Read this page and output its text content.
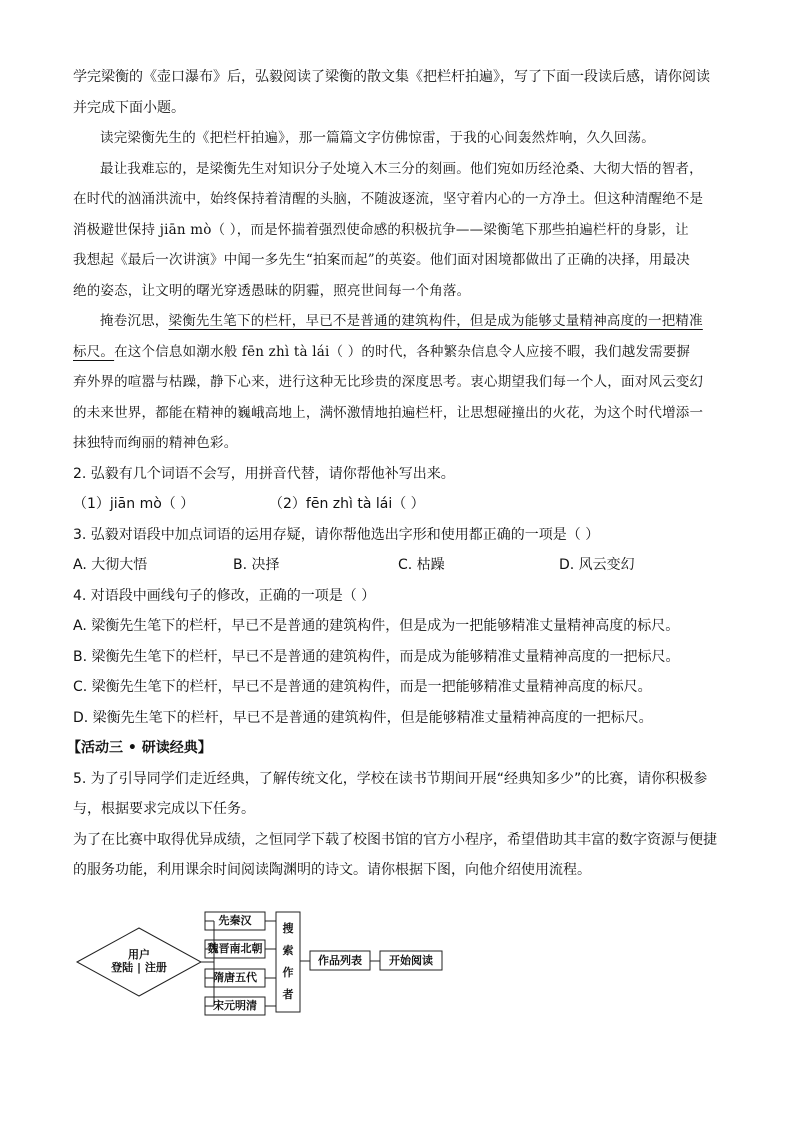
学完梁衡的《壶口瀑布》后，弘毅阅读了梁衡的散文集《把栏杆拍遍》，写了下面一段读后感，请你阅读

并完成下面小题。

读完梁衡先生的《把栏杆拍遍》，那一篇篇文字仿佛惊雷，于我的心间轰然炸响，久久回荡。

最让我难忘的，是梁衡先生对知识分子处境入木三分的刻画。他们宛如历经沧桑、大彻大悟的智者，

在时代的汹涌洪流中，始终保持着清醒的头脑，不随波逐流，坚守着内心的一方净土。但这种清醒绝不是

消极避世保持 jiān mò（ ），而是怀揣着强烈使命感的积极抗争——梁衡笔下那些拍遍栏杆的身影，让

我想起《最后一次讲演》中闻一多先生“拍案而起”的英姿。他们面对困境都做出了正确的决择，用最决

绝的姿态，让文明的曙光穿透愚昧的阴霾，照亮世间每一个角落。

掩卷沉思，梁衡先生笔下的栏杆，早已不是普通的建筑构件，但是成为能够丈量精神高度的一把精准

标尺。在这个信息如潮水般 fēn zhì tà lái（ ）的时代，各种繁杂信息令人应接不暇，我们越发需要摒

弃外界的喧嚣与枯躁，静下心来，进行这种无比珍贵的深度思考。衷心期望我们每一个人，面对风云变幻

的未来世界，都能在精神的巍峨高地上，满怀激情地拍遍栏杆，让思想碰撞出的火花，为这个时代增添一

抹独特而绚丽的精神色彩。

2. 弘毅有几个词语不会写，用拼音代替，请你帮他补写出来。

（1）jiān mò（ ）	（2）fēn zhì tà lái（ ）

3. 弘毅对语段中加点词语的运用存疑，请你帮他选出字形和使用都正确的一项是（ ）

A. 大彻大悟	B. 决择	C. 枯躁	D. 风云变幻

4. 对语段中画线句子的修改，正确的一项是（ ）

A. 梁衡先生笔下的栏杆，早已不是普通的建筑构件，但是成为一把能够精准丈量精神高度的标尺。

B. 梁衡先生笔下的栏杆，早已不是普通的建筑构件，而是成为能够精准丈量精神高度的一把标尺。

C. 梁衡先生笔下的栏杆，早已不是普通的建筑构件，而是一把能够精准丈量精神高度的标尺。

D. 梁衡先生笔下的栏杆，早已不是普通的建筑构件，但是能够精准丈量精神高度的一把标尺。

【活动三 • 研读经典】

5. 为了引导同学们走近经典，了解传统文化，学校在读书节期间开展“经典知多少”的比赛，请你积极参

与，根据要求完成以下任务。

为了在比赛中取得优异成绩，之恒同学下载了校图书馆的官方小程序，希望借助其丰富的数字资源与便捷

的服务功能，利用课余时间阅读陶渊明的诗文。请你根据下图，向他介绍使用流程。

用户
登陆 | 注册
先秦汉
魏晋南北朝
隋唐五代
宋元明清
搜
索
作
者
作品列表	开始阅读
